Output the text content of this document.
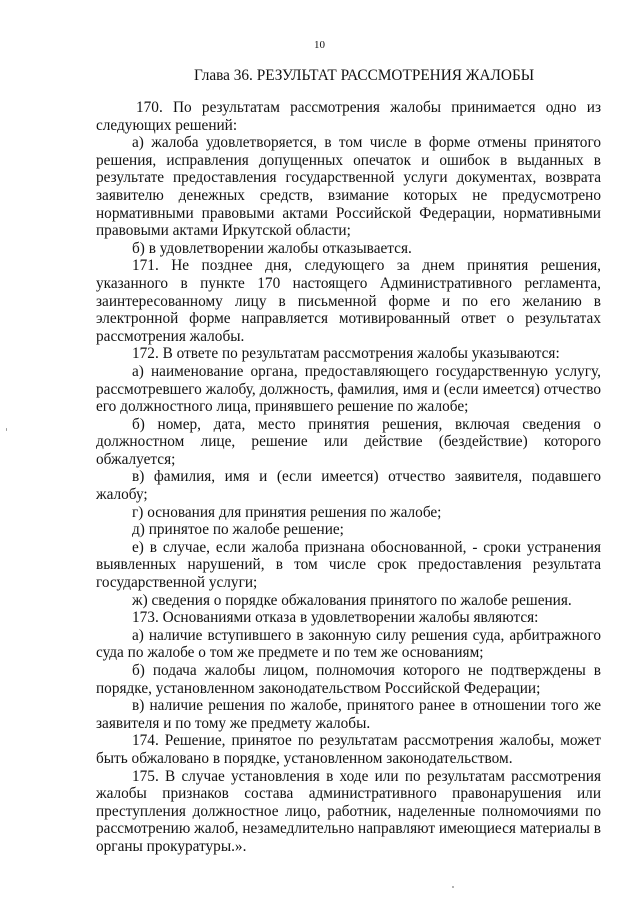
10
Глава 36. РЕЗУЛЬТАТ РАССМОТРЕНИЯ ЖАЛОБЫ

170. По результатам рассмотрения жалобы принимается одно из следующих решений:

а) жалоба удовлетворяется, в том числе в форме отмены принятого решения, исправления допущенных опечаток и ошибок в выданных в результате предоставления государственной услуги документах, возврата заявителю денежных средств, взимание которых не предусмотрено нормативными правовыми актами Российской Федерации, нормативными правовыми актами Иркутской области;

б) в удовлетворении жалобы отказывается.

171. Не позднее дня, следующего за днем принятия решения, указанного в пункте 170 настоящего Административного регламента, заинтересованному лицу в письменной форме и по его желанию в электронной форме направляется мотивированный ответ о результатах рассмотрения жалобы.

172. В ответе по результатам рассмотрения жалобы указываются:

а) наименование органа, предоставляющего государственную услугу, рассмотревшего жалобу, должность, фамилия, имя и (если имеется) отчество его должностного лица, принявшего решение по жалобе;

б) номер, дата, место принятия решения, включая сведения о должностном лице, решение или действие (бездействие) которого обжалуется;

в) фамилия, имя и (если имеется) отчество заявителя, подавшего жалобу;

г) основания для принятия решения по жалобе;

д) принятое по жалобе решение;

е) в случае, если жалоба признана обоснованной, - сроки устранения выявленных нарушений, в том числе срок предоставления результата государственной услуги;

ж) сведения о порядке обжалования принятого по жалобе решения.

173. Основаниями отказа в удовлетворении жалобы являются:

а) наличие вступившего в законную силу решения суда, арбитражного суда по жалобе о том же предмете и по тем же основаниям;

б) подача жалобы лицом, полномочия которого не подтверждены в порядке, установленном законодательством Российской Федерации;

в) наличие решения по жалобе, принятого ранее в отношении того же заявителя и по тому же предмету жалобы.

174. Решение, принятое по результатам рассмотрения жалобы, может быть обжаловано в порядке, установленном законодательством.

175. В случае установления в ходе или по результатам рассмотрения жалобы признаков состава административного правонарушения или преступления должностное лицо, работник, наделенные полномочиями по рассмотрению жалоб, незамедлительно направляют имеющиеся материалы в органы прокуратуры.».
